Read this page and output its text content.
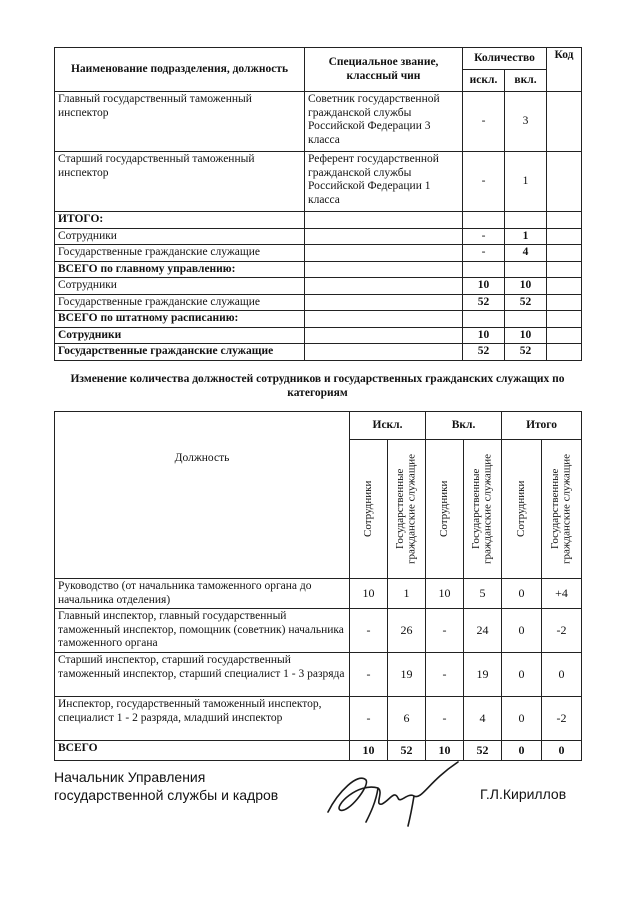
Наименование подразделения, должность	Специальное звание, классный чин	Количество		Код
		искл.	вкл.	
Главный государственный таможенный инспектор	Советник государственной гражданской службы Российской Федерации 3 класса	-	3	
Старший государственный таможенный инспектор	Референт государственной гражданской службы Российской Федерации 1 класса	-	1	
ИТОГО:				
Сотрудники		-	1	
Государственные гражданские служащие		-	4	
ВСЕГО по главному управлению:				
Сотрудники		10	10	
Государственные гражданские служащие		52	52	
ВСЕГО по штатному расписанию:				
Сотрудники		10	10	
Государственные гражданские служащие		52	52	
Изменение количества должностей сотрудников и государственных гражданских служащих по категориям
Должность	Искл.		Вкл.		Итого	

	Сотрудники	Государственные гражданские служащие	Сотрудники	Государственные гражданские служащие	Сотрудники	Государственные гражданские служащие

Руководство (от начальника таможенного органа до начальника отделения)	10	1	10	5	0	+4
Главный инспектор, главный государственный таможенный инспектор, помощник (советник) начальника таможенного органа	-	26	-	24	0	-2
Старший инспектор, старший государственный таможенный инспектор, старший специалист 1 - 3 разряда	-	19	-	19	0	0
Инспектор, государственный таможенный инспектор, специалист 1 - 2 разряда, младший инспектор	-	6	-	4	0	-2
ВСЕГО	10	52	10	52	0	0
Начальник Управления
государственной службы и кадров	Г.Л.Кириллов
